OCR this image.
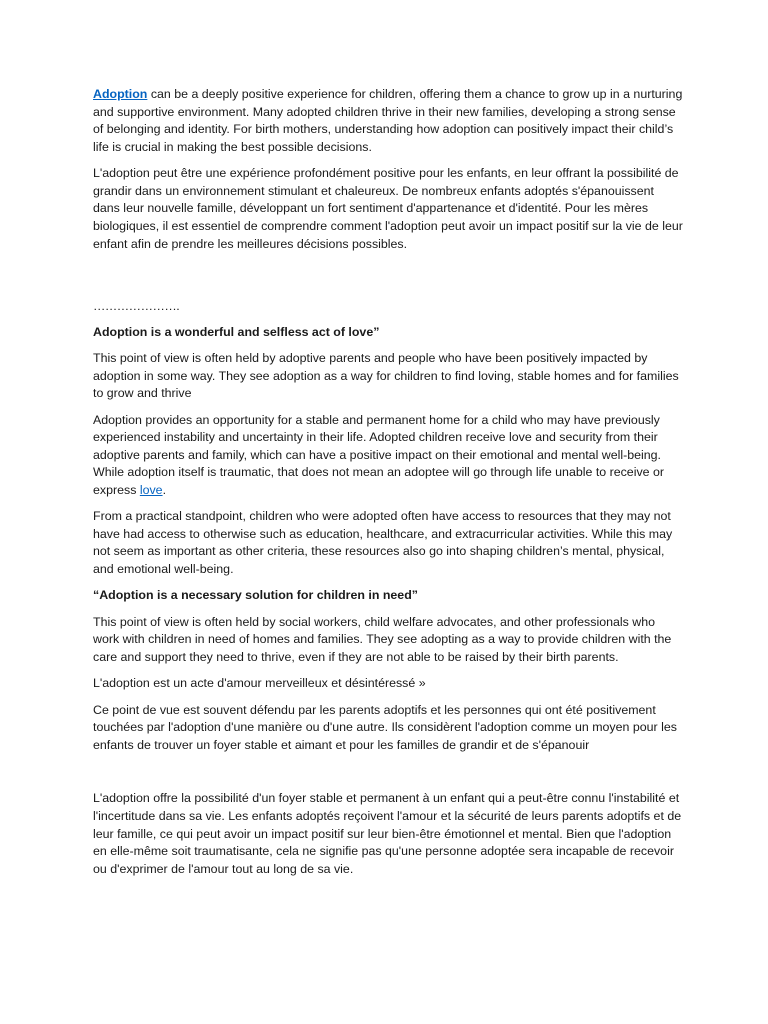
Adoption can be a deeply positive experience for children, offering them a chance to grow up in a nurturing and supportive environment. Many adopted children thrive in their new families, developing a strong sense of belonging and identity. For birth mothers, understanding how adoption can positively impact their child’s life is crucial in making the best possible decisions.

L'adoption peut être une expérience profondément positive pour les enfants, en leur offrant la possibilité de grandir dans un environnement stimulant et chaleureux. De nombreux enfants adoptés s'épanouissent dans leur nouvelle famille, développant un fort sentiment d'appartenance et d'identité. Pour les mères biologiques, il est essentiel de comprendre comment l'adoption peut avoir un impact positif sur la vie de leur enfant afin de prendre les meilleures décisions possibles.

………………….

Adoption is a wonderful and selfless act of love”

This point of view is often held by adoptive parents and people who have been positively impacted by adoption in some way. They see adoption as a way for children to find loving, stable homes and for families to grow and thrive

Adoption provides an opportunity for a stable and permanent home for a child who may have previously experienced instability and uncertainty in their life. Adopted children receive love and security from their adoptive parents and family, which can have a positive impact on their emotional and mental well-being. While adoption itself is traumatic, that does not mean an adoptee will go through life unable to receive or express love.

From a practical standpoint, children who were adopted often have access to resources that they may not have had access to otherwise such as education, healthcare, and extracurricular activities. While this may not seem as important as other criteria, these resources also go into shaping children’s mental, physical, and emotional well-being.

“Adoption is a necessary solution for children in need”

This point of view is often held by social workers, child welfare advocates, and other professionals who work with children in need of homes and families. They see adopting as a way to provide children with the care and support they need to thrive, even if they are not able to be raised by their birth parents.

L'adoption est un acte d'amour merveilleux et désintéressé »

Ce point de vue est souvent défendu par les parents adoptifs et les personnes qui ont été positivement touchées par l'adoption d'une manière ou d'une autre. Ils considèrent l'adoption comme un moyen pour les enfants de trouver un foyer stable et aimant et pour les familles de grandir et de s'épanouir

L'adoption offre la possibilité d'un foyer stable et permanent à un enfant qui a peut-être connu l'instabilité et l'incertitude dans sa vie. Les enfants adoptés reçoivent l'amour et la sécurité de leurs parents adoptifs et de leur famille, ce qui peut avoir un impact positif sur leur bien-être émotionnel et mental. Bien que l'adoption en elle-même soit traumatisante, cela ne signifie pas qu'une personne adoptée sera incapable de recevoir ou d'exprimer de l'amour tout au long de sa vie.
